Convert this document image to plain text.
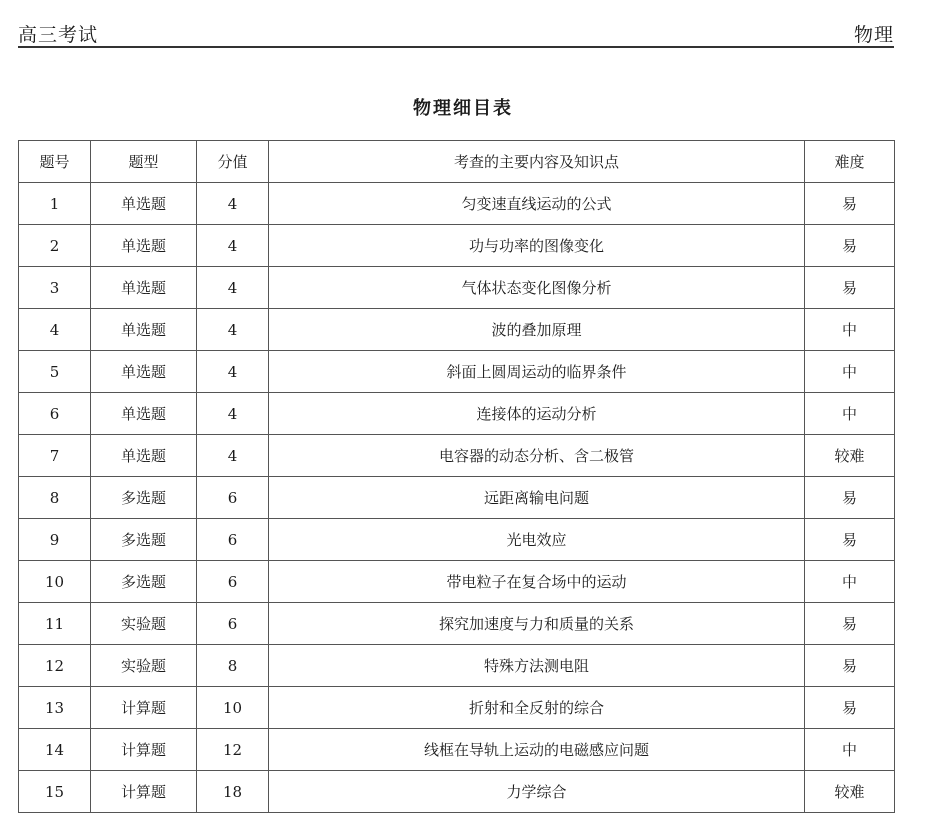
高三考试	物理
物理细目表
题号	题型	分值	考查的主要内容及知识点	难度
1	单选题	4	匀变速直线运动的公式	易
2	单选题	4	功与功率的图像变化	易
3	单选题	4	气体状态变化图像分析	易
4	单选题	4	波的叠加原理	中
5	单选题	4	斜面上圆周运动的临界条件	中
6	单选题	4	连接体的运动分析	中
7	单选题	4	电容器的动态分析、含二极管	较难
8	多选题	6	远距离输电问题	易
9	多选题	6	光电效应	易
10	多选题	6	带电粒子在复合场中的运动	中
11	实验题	6	探究加速度与力和质量的关系	易
12	实验题	8	特殊方法测电阻	易
13	计算题	10	折射和全反射的综合	易
14	计算题	12	线框在导轨上运动的电磁感应问题	中
15	计算题	18	力学综合	较难
